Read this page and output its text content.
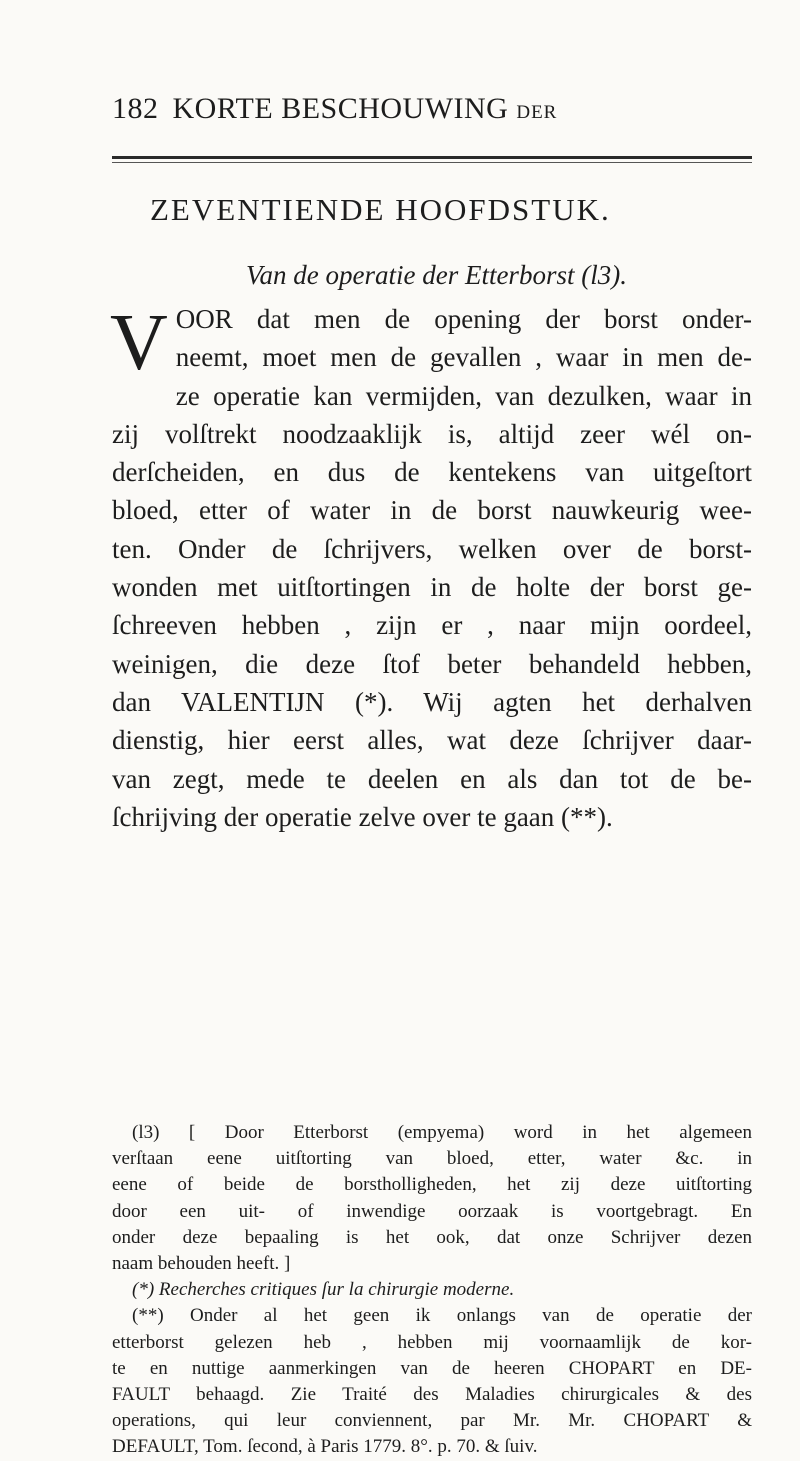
182 KORTE BESCHOUWING DER
ZEVENTIENDE HOOFDSTUK.
Van de operatie der Etterborst (l3).
V OOR dat men de opening der borst onder-
neemt, moet men de gevallen , waar in men de-
ze operatie kan vermijden, van dezulken, waar in
zij volſtrekt noodzaaklijk is, altijd zeer wél on-
derſcheiden, en dus de kentekens van uitgeſtort
bloed, etter of water in de borst nauwkeurig wee-
ten. Onder de ſchrijvers, welken over de borst-
wonden met uitſtortingen in de holte der borst ge-
ſchreeven hebben , zijn er , naar mijn oordeel,
weinigen, die deze ſtof beter behandeld hebben,
dan VALENTIJN (*). Wij agten het derhalven
dienstig, hier eerst alles, wat deze ſchrijver daar-
van zegt, mede te deelen en als dan tot de be-
ſchrijving der operatie zelve over te gaan (**).
(l3) [ Door Etterborst (empyema) word in het algemeen
verſtaan eene uitſtorting van bloed, etter, water &c. in
eene of beide de borstholligheden, het zij deze uitſtorting
door een uit- of inwendige oorzaak is voortgebragt. En
onder deze bepaaling is het ook, dat onze Schrijver dezen
naam behouden heeft. ]
(*) Recherches critiques ſur la chirurgie moderne.
(**) Onder al het geen ik onlangs van de operatie der
etterborst gelezen heb , hebben mij voornaamlijk de kor-
te en nuttige aanmerkingen van de heeren CHOPART en DE-
FAULT behaagd. Zie Traité des Maladies chirurgicales & des
operations, qui leur conviennent, par Mr. Mr. CHOPART &
DEFAULT, Tom. ſecond, à Paris 1779. 8°. p. 70. & ſuiv.
